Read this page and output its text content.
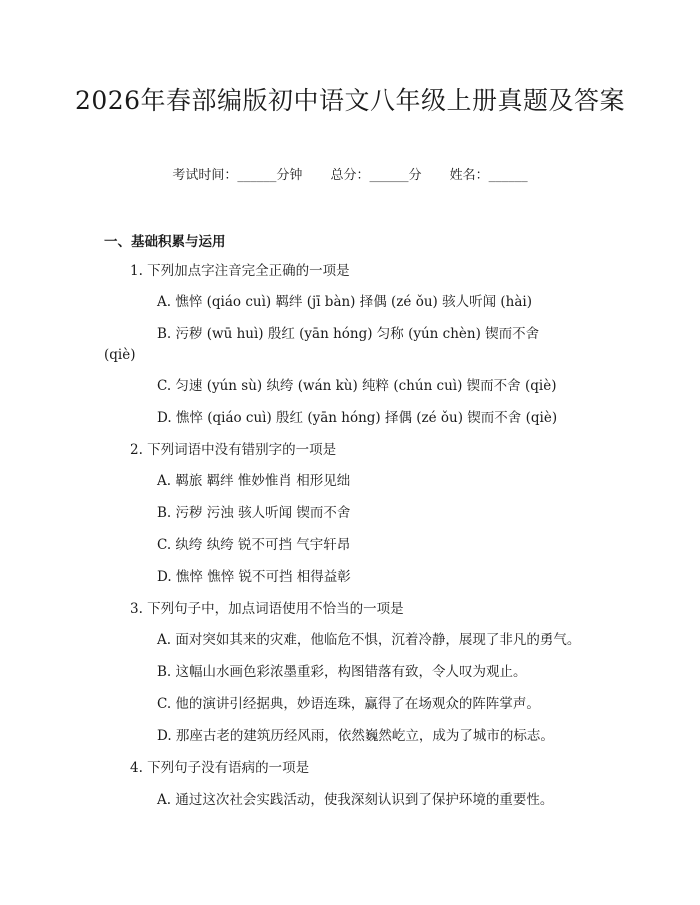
2026年春部编版初中语文八年级上册真题及答案
考试时间：______分钟 总分：______分 姓名：______
一、基础积累与运用
1. 下列加点字注音完全正确的一项是
A. 憔悴 (qiáo cuì) 羁绊 (jī bàn) 择偶 (zé ǒu) 骇人听闻 (hài)
B. 污秽 (wū huì) 殷红 (yān hóng) 匀称 (yún chèn) 锲而不舍
(qiè)
C. 匀速 (yún sù) 纨绔 (wán kù) 纯粹 (chún cuì) 锲而不舍 (qiè)
D. 憔悴 (qiáo cuì) 殷红 (yān hóng) 择偶 (zé ǒu) 锲而不舍 (qiè)
2. 下列词语中没有错别字的一项是
A. 羁旅 羁绊 惟妙惟肖 相形见绌
B. 污秽 污浊 骇人听闻 锲而不舍
C. 纨绔 纨绔 锐不可挡 气宇轩昂
D. 憔悴 憔悴 锐不可挡 相得益彰
3. 下列句子中，加点词语使用不恰当的一项是
A. 面对突如其来的灾难，他临危不惧，沉着冷静，展现了非凡的勇气。
B. 这幅山水画色彩浓墨重彩，构图错落有致，令人叹为观止。
C. 他的演讲引经据典，妙语连珠，赢得了在场观众的阵阵掌声。
D. 那座古老的建筑历经风雨，依然巍然屹立，成为了城市的标志。
4. 下列句子没有语病的一项是
A. 通过这次社会实践活动，使我深刻认识到了保护环境的重要性。
